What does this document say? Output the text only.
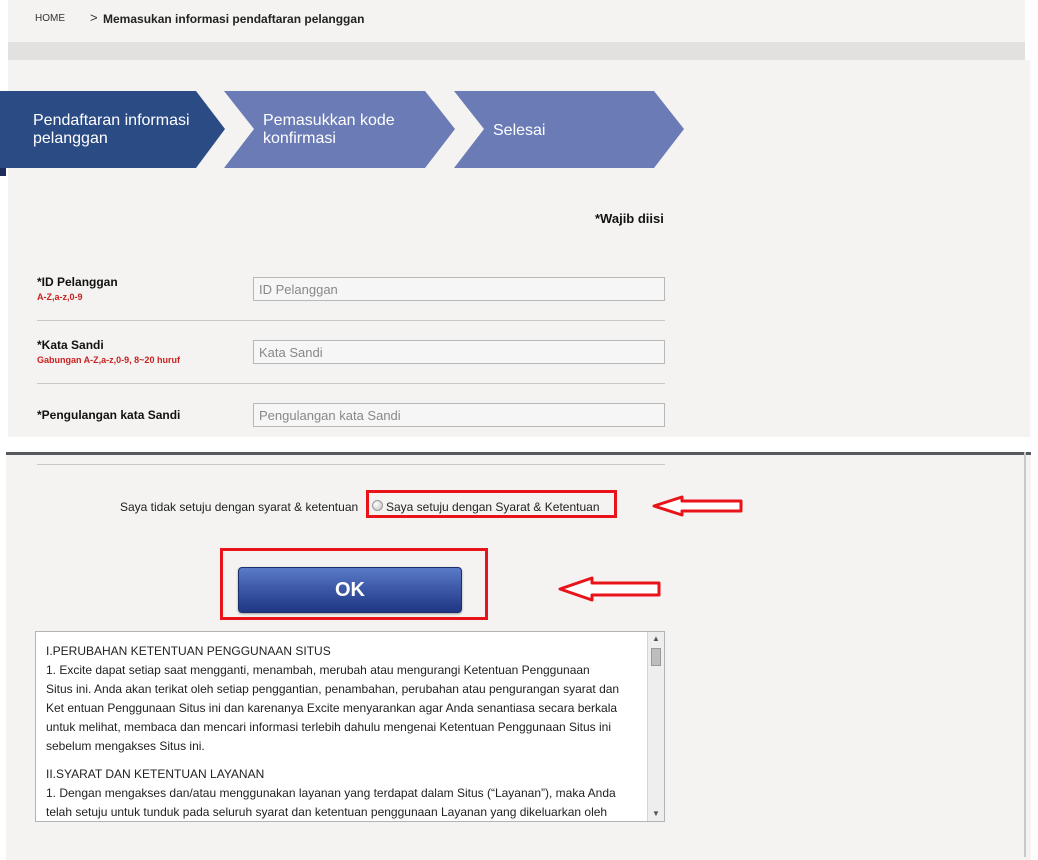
HOME > Memasukan informasi pendaftaran pelanggan
Pendaftaran informasi
pelanggan
Pemasukkan kode
konfirmasi	Selesai
*Wajib diisi
*ID Pelanggan
A-Z,a-z,0-9
ID Pelanggan
*Kata Sandi
Gabungan A-Z,a-z,0-9, 8~20 huruf
Kata Sandi
*Pengulangan kata Sandi
Pengulangan kata Sandi
Saya tidak setuju dengan syarat & ketentuan Saya setuju dengan Syarat & Ketentuan
OK

I.PERUBAHAN KETENTUAN PENGGUNAAN SITUS
1. Excite dapat setiap saat mengganti, menambah, merubah atau mengurangi Ketentuan Penggunaan
Situs ini. Anda akan terikat oleh setiap penggantian, penambahan, perubahan atau pengurangan syarat dan
Ket entuan Penggunaan Situs ini dan karenanya Excite menyarankan agar Anda senantiasa secara berkala
untuk melihat, membaca dan mencari informasi terlebih dahulu mengenai Ketentuan Penggunaan Situs ini
sebelum mengakses Situs ini.

II.SYARAT DAN KETENTUAN LAYANAN
1. Dengan mengakses dan/atau menggunakan layanan yang terdapat dalam Situs (“Layanan”), maka Anda
telah setuju untuk tunduk pada seluruh syarat dan ketentuan penggunaan Layanan yang dikeluarkan oleh

▲
▼
